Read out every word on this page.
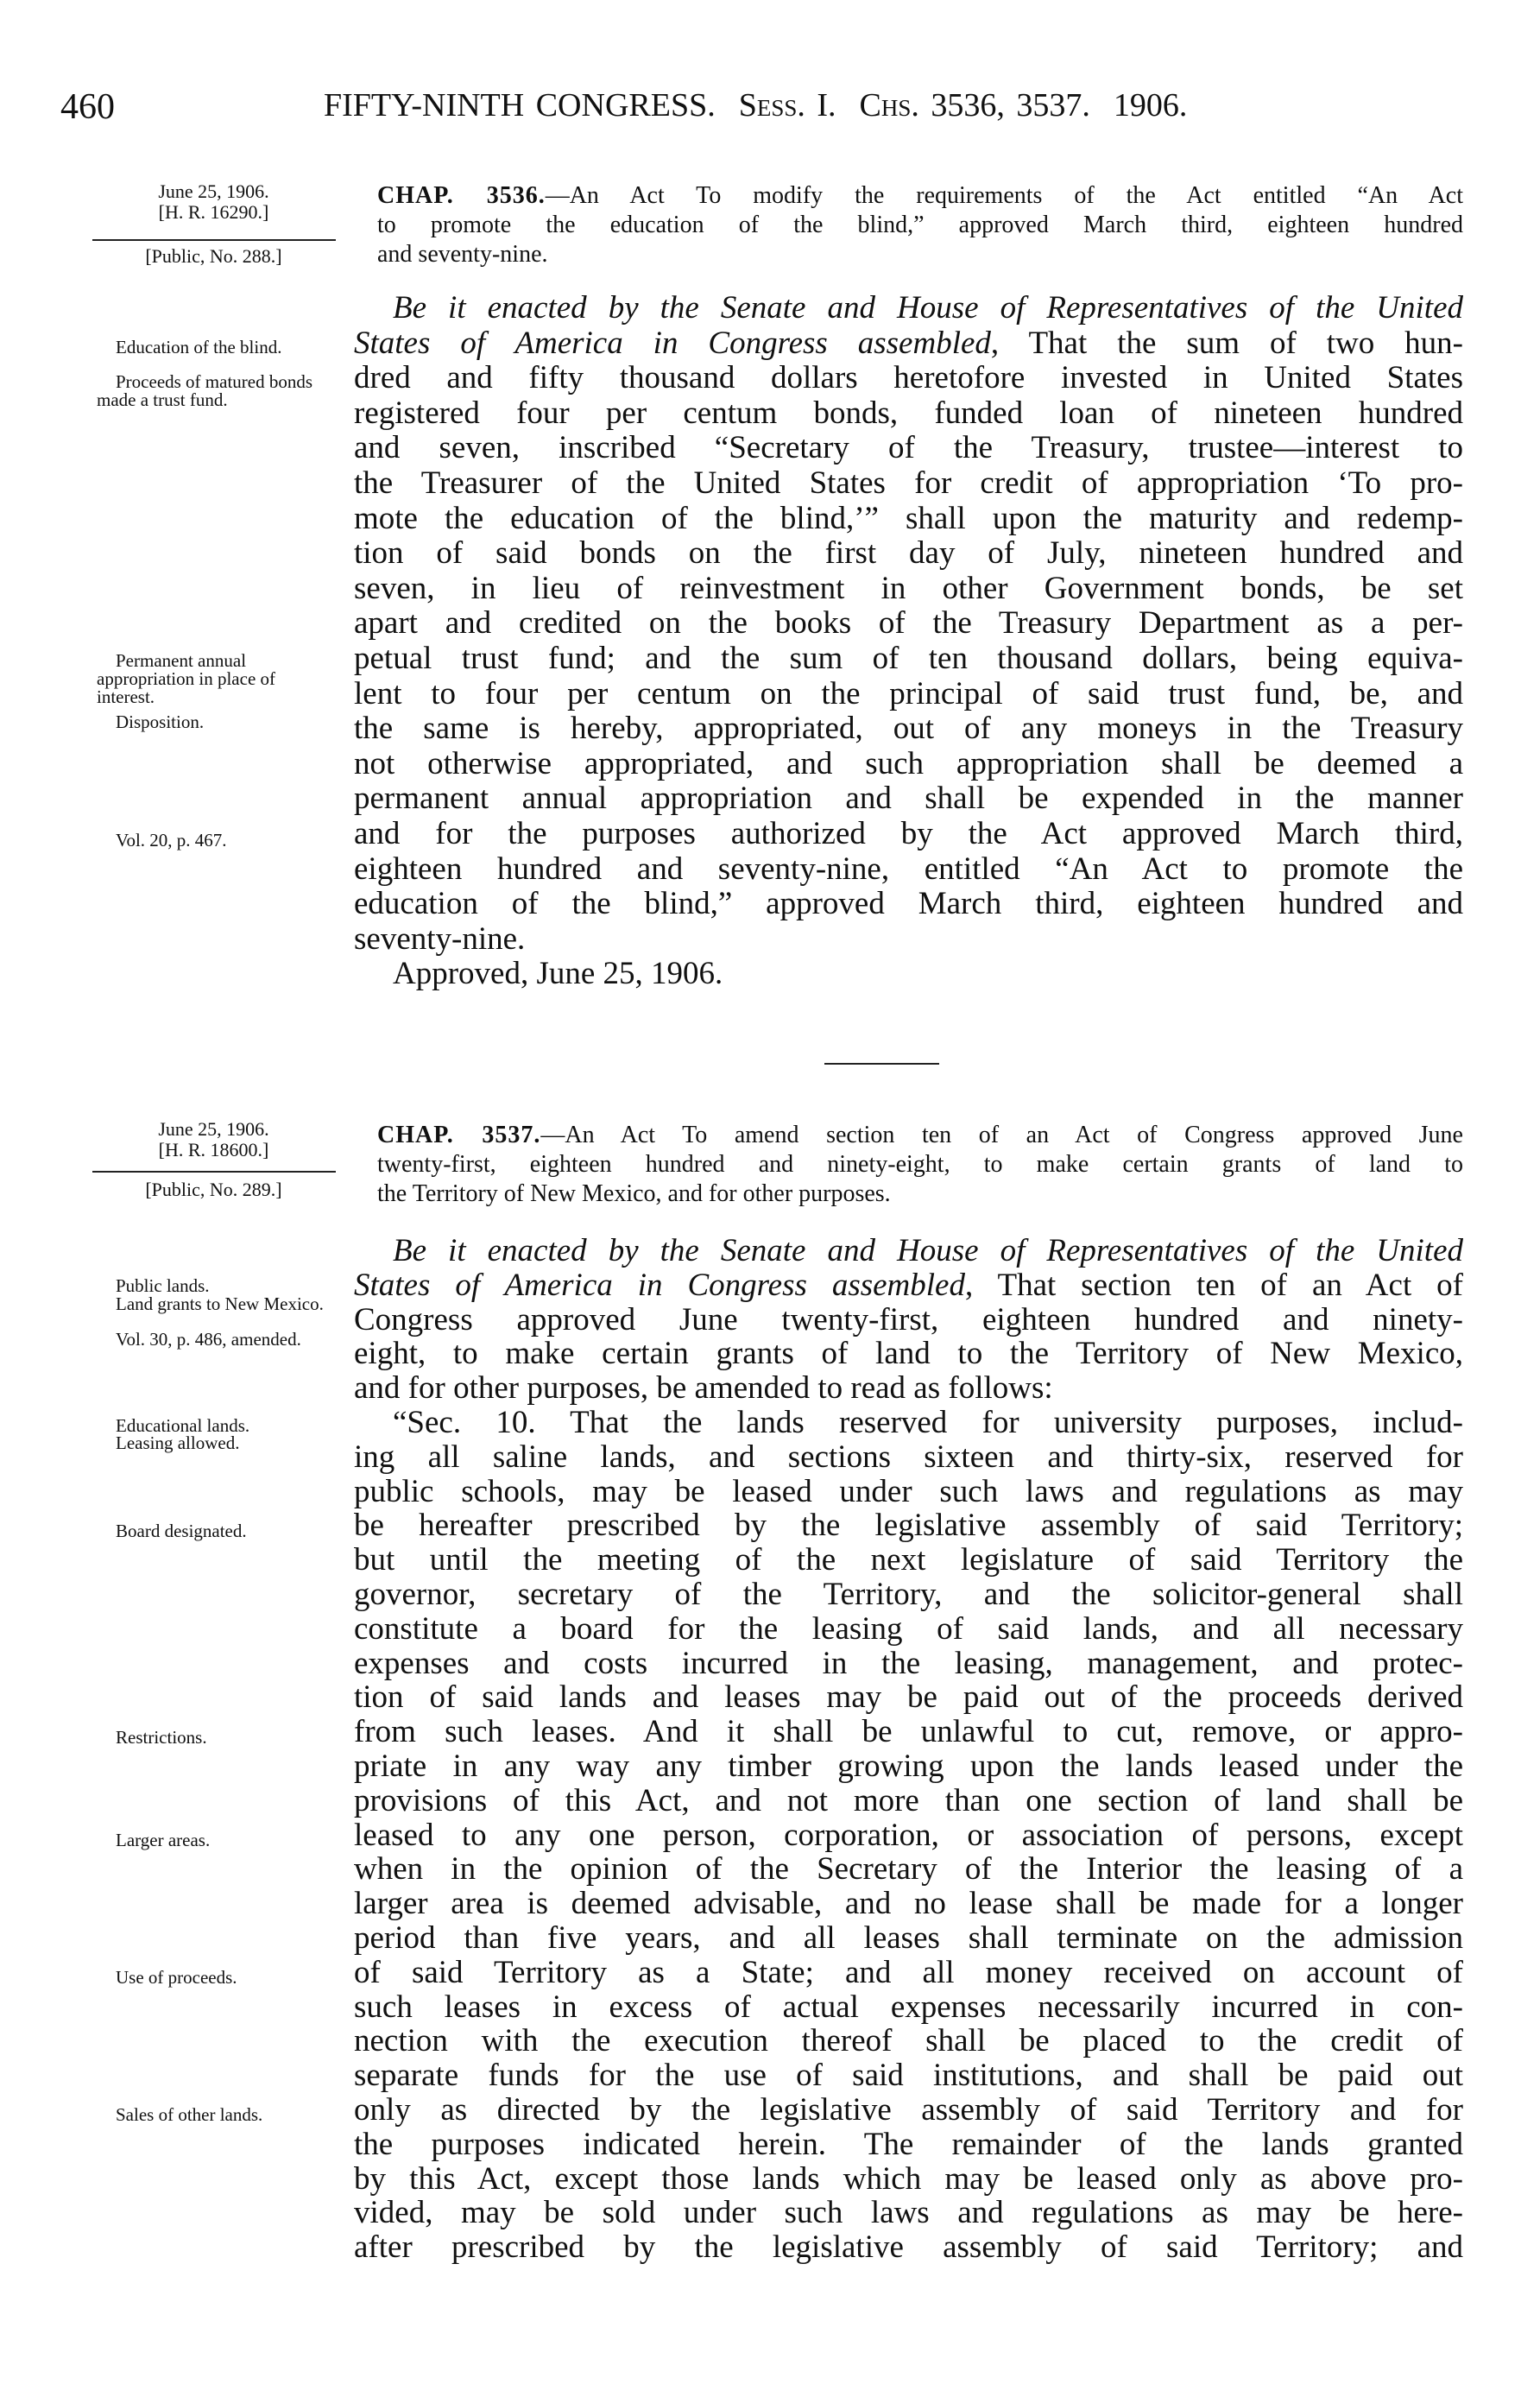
460	FIFTY-NINTH CONGRESS. Sess. I. Chs. 3536, 3537. 1906.
June 25, 1906.
[H. R. 16290.]
[Public, No. 288.]
CHAP. 3536.—An Act To modify the requirements of the Act entitled “An Act
to promote the education of the blind,” approved March third, eighteen hundred
and seventy-nine.
Be it enacted by the Senate and House of Representatives of the United
States of America in Congress assembled, That the sum of two hun-
dred and fifty thousand dollars heretofore invested in United States
registered four per centum bonds, funded loan of nineteen hundred
and seven, inscribed “Secretary of the Treasury, trustee—interest to
the Treasurer of the United States for credit of appropriation ‘To pro-
mote the education of the blind,’” shall upon the maturity and redemp-
tion of said bonds on the first day of July, nineteen hundred and
seven, in lieu of reinvestment in other Government bonds, be set
apart and credited on the books of the Treasury Department as a per-
petual trust fund; and the sum of ten thousand dollars, being equiva-
lent to four per centum on the principal of said trust fund, be, and
the same is hereby, appropriated, out of any moneys in the Treasury
not otherwise appropriated, and such appropriation shall be deemed a
permanent annual appropriation and shall be expended in the manner
and for the purposes authorized by the Act approved March third,
eighteen hundred and seventy-nine, entitled “An Act to promote the
education of the blind,” approved March third, eighteen hundred and
seventy-nine.
Approved, June 25, 1906.
Education of the blind.
Proceeds of matured bonds made a trust fund.
Permanent annual appropriation in place of interest.
Disposition.
Vol. 20, p. 467.
June 25, 1906.
[H. R. 18600.]
[Public, No. 289.]
CHAP. 3537.—An Act To amend section ten of an Act of Congress approved June
twenty-first, eighteen hundred and ninety-eight, to make certain grants of land to
the Territory of New Mexico, and for other purposes.
Be it enacted by the Senate and House of Representatives of the United
States of America in Congress assembled, That section ten of an Act of
Congress approved June twenty-first, eighteen hundred and ninety-
eight, to make certain grants of land to the Territory of New Mexico,
and for other purposes, be amended to read as follows:
“Sec. 10. That the lands reserved for university purposes, includ-
ing all saline lands, and sections sixteen and thirty-six, reserved for
public schools, may be leased under such laws and regulations as may
be hereafter prescribed by the legislative assembly of said Territory;
but until the meeting of the next legislature of said Territory the
governor, secretary of the Territory, and the solicitor-general shall
constitute a board for the leasing of said lands, and all necessary
expenses and costs incurred in the leasing, management, and protec-
tion of said lands and leases may be paid out of the proceeds derived
from such leases. And it shall be unlawful to cut, remove, or appro-
priate in any way any timber growing upon the lands leased under the
provisions of this Act, and not more than one section of land shall be
leased to any one person, corporation, or association of persons, except
when in the opinion of the Secretary of the Interior the leasing of a
larger area is deemed advisable, and no lease shall be made for a longer
period than five years, and all leases shall terminate on the admission
of said Territory as a State; and all money received on account of
such leases in excess of actual expenses necessarily incurred in con-
nection with the execution thereof shall be placed to the credit of
separate funds for the use of said institutions, and shall be paid out
only as directed by the legislative assembly of said Territory and for
the purposes indicated herein. The remainder of the lands granted
by this Act, except those lands which may be leased only as above pro-
vided, may be sold under such laws and regulations as may be here-
after prescribed by the legislative assembly of said Territory; and
Public lands.
Land grants to New Mexico.
Vol. 30, p. 486, amended.
Educational lands.
Leasing allowed.
Board designated.
Restrictions.
Larger areas.
Use of proceeds.
Sales of other lands.
